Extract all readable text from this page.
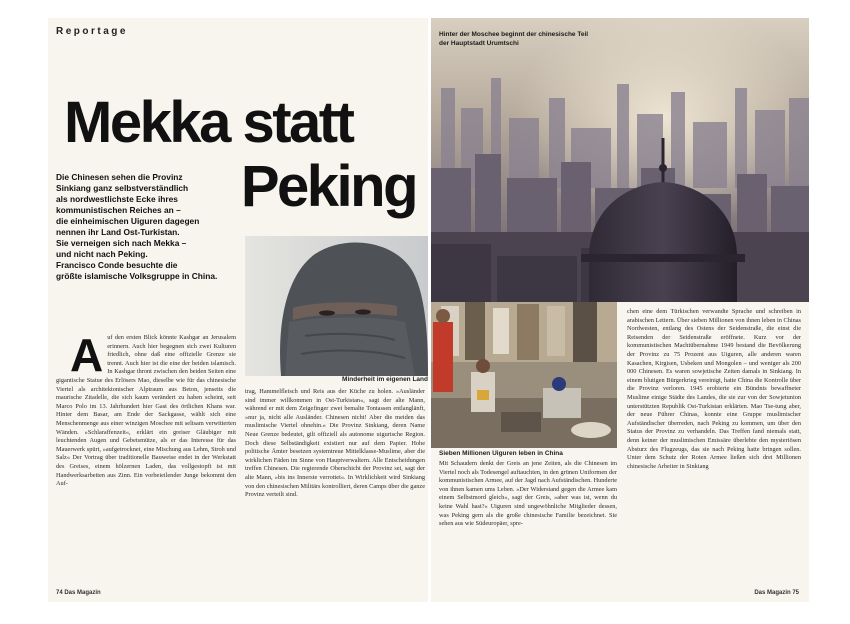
Reportage
Mekka statt
Peking
Die Chinesen sehen die Provinz
Sinkiang ganz selbstverständlich
als nordwestlichste Ecke ihres
kommunistischen Reiches an –
die einheimischen Uiguren dagegen
nennen ihr Land Ost-Turkistan.
Sie verneigen sich nach Mekka –
und nicht nach Peking.
Francisco Conde besuchte die
größte islamische Volksgruppe in China.
Minderheit im eigenen Land
A uf den ersten Blick könnte Kashgar an Jerusalem erinnern. Auch hier begegnen sich zwei Kulturen friedlich, ohne daß eine offizielle Grenze sie trennt. Auch hier ist die eine der beiden islamisch. In Kashgar thront zwischen den beiden Seiten eine gigantische Statue des Erlösers Mao, dieselbe wie für das chinesische Viertel als architektonischer Alptraum aus Beton, jenseits die maurische Zitadelle, die sich kaum verändert zu haben scheint, seit Marco Polo im 13. Jahrhundert hier Gast des örtlichen Khans war. Hinter dem Basar, am Ende der Sackgasse, wählt sich eine Menschenmenge aus einer winzigen Moschee mit seltsam verwitterten Wänden. »Schlaraffenzeit«, erklärt ein greiser Gläubiger mit leuchtenden Augen und Gebetsmütze, als er das Interesse für das Mauerwerk spürt, »aufgetrocknet, eine Mischung aus Lehm, Stroh und Salz« Der Vortrag über traditionelle Bauweise endet in der Werkstatt des Greises, einem hölzernen Laden, das vollgestopft ist mit Handwerksarbeiten aus Zinn. Ein vorbeieilender Junge bekommt den Auf-
trag, Hammelfleisch und Reis aus der Küche zu holen. »Ausländer sind immer willkommen in Ost-Turkistan«, sagt der alte Mann, während er mit dem Zeigefinger zwei bemalte Tontassen entlanglänft, »nur ja, nicht alle Ausländer. Chinesen nicht! Aber die meiden das muslimische Viertel ohnehin.« Die Provinz Sinkiang, deren Name Neue Grenze bedeutet, gilt offiziell als autonome uigurische Region. Doch diese Selbständigkeit existiert nur auf dem Papier. Hohe politische Ämter besetzen systemtreue Mittelklasse-Muslime, aber die wirklichen Fäden im Sinne von Hauptverwaltern. Alle Entscheidungen treffen Chinesen. Die regierende Oberschicht der Provinz sei, sagt der alte Mann, »bis ins Innerste verrottet«. In Wirklichkeit wird Sinkiang von den chinesischen Militärs kontrolliert, deren Camps über die ganze Provinz verteilt sind.
74 Das Magazin
Hinter der Moschee beginnt der chinesische Teil
der Hauptstadt Urumtschi
Sieben Millionen Uiguren leben in China
Mit Schaudern denkt der Greis an jene Zeiten, als die Chinesen im Viertel noch als Todesengel auftauchten, in den grünen Uniformen der kommunistischen Armee, auf der Jagd nach Aufständischen. Hunderte von ihnen kamen ums Leben. »Der Widerstand gegen die Armee kam einem Selbstmord gleich«, sagt der Greis, »aber was ist, wenn du keine Wahl hast?« Uiguren sind ungewöhnliche Mitglieder dessen, was Peking gern als die große chinesische Familie bezeichnet. Sie sehen aus wie Südeuropäer, spre-
chen eine dem Türkischen verwandte Sprache und schreiben in arabischen Lettern. Über sieben Millionen von ihnen leben in Chinas Nordwesten, entlang des Ostens der Seidenstraße, die einst die Reisenden der Seidenstraße eröffnete. Kurz vor der kommunistischen Machtübernahme 1949 bestand die Bevölkerung der Provinz zu 75 Prozent aus Uiguren, alle anderen waren Kasachen, Kirgisen, Usbeken und Mongolen – und weniger als 200 000 Chinesen. Es waren sowjetische Zeiten damals in Sinkiang. In einem blutigen Bürgerkrieg vereinigt, hatte China die Kontrolle über die Provinz verloren. 1945 erobierte ein Bündnis bewaffneter Muslime einige Städte des Landes, die sie zur von der Sowjetunion unterstützten Republik Ost-Turkistan erklärten. Mao Tse-tung aber, der neue Führer Chinas, konnte eine Gruppe muslimischer Aufständischer überreden, nach Peking zu kommen, um über den Status der Provinz zu verhandeln. Das Treffen fand niemals statt, denn keiner der muslimischen Emissäre überlebte den mysteriösen Absturz des Flugzeugs, das sie nach Peking hatte bringen sollen. Unter dem Schutz der Roten Armee ließen sich drei Millionen chinesische Arbeiter in Sinkiang
Das Magazin 75
